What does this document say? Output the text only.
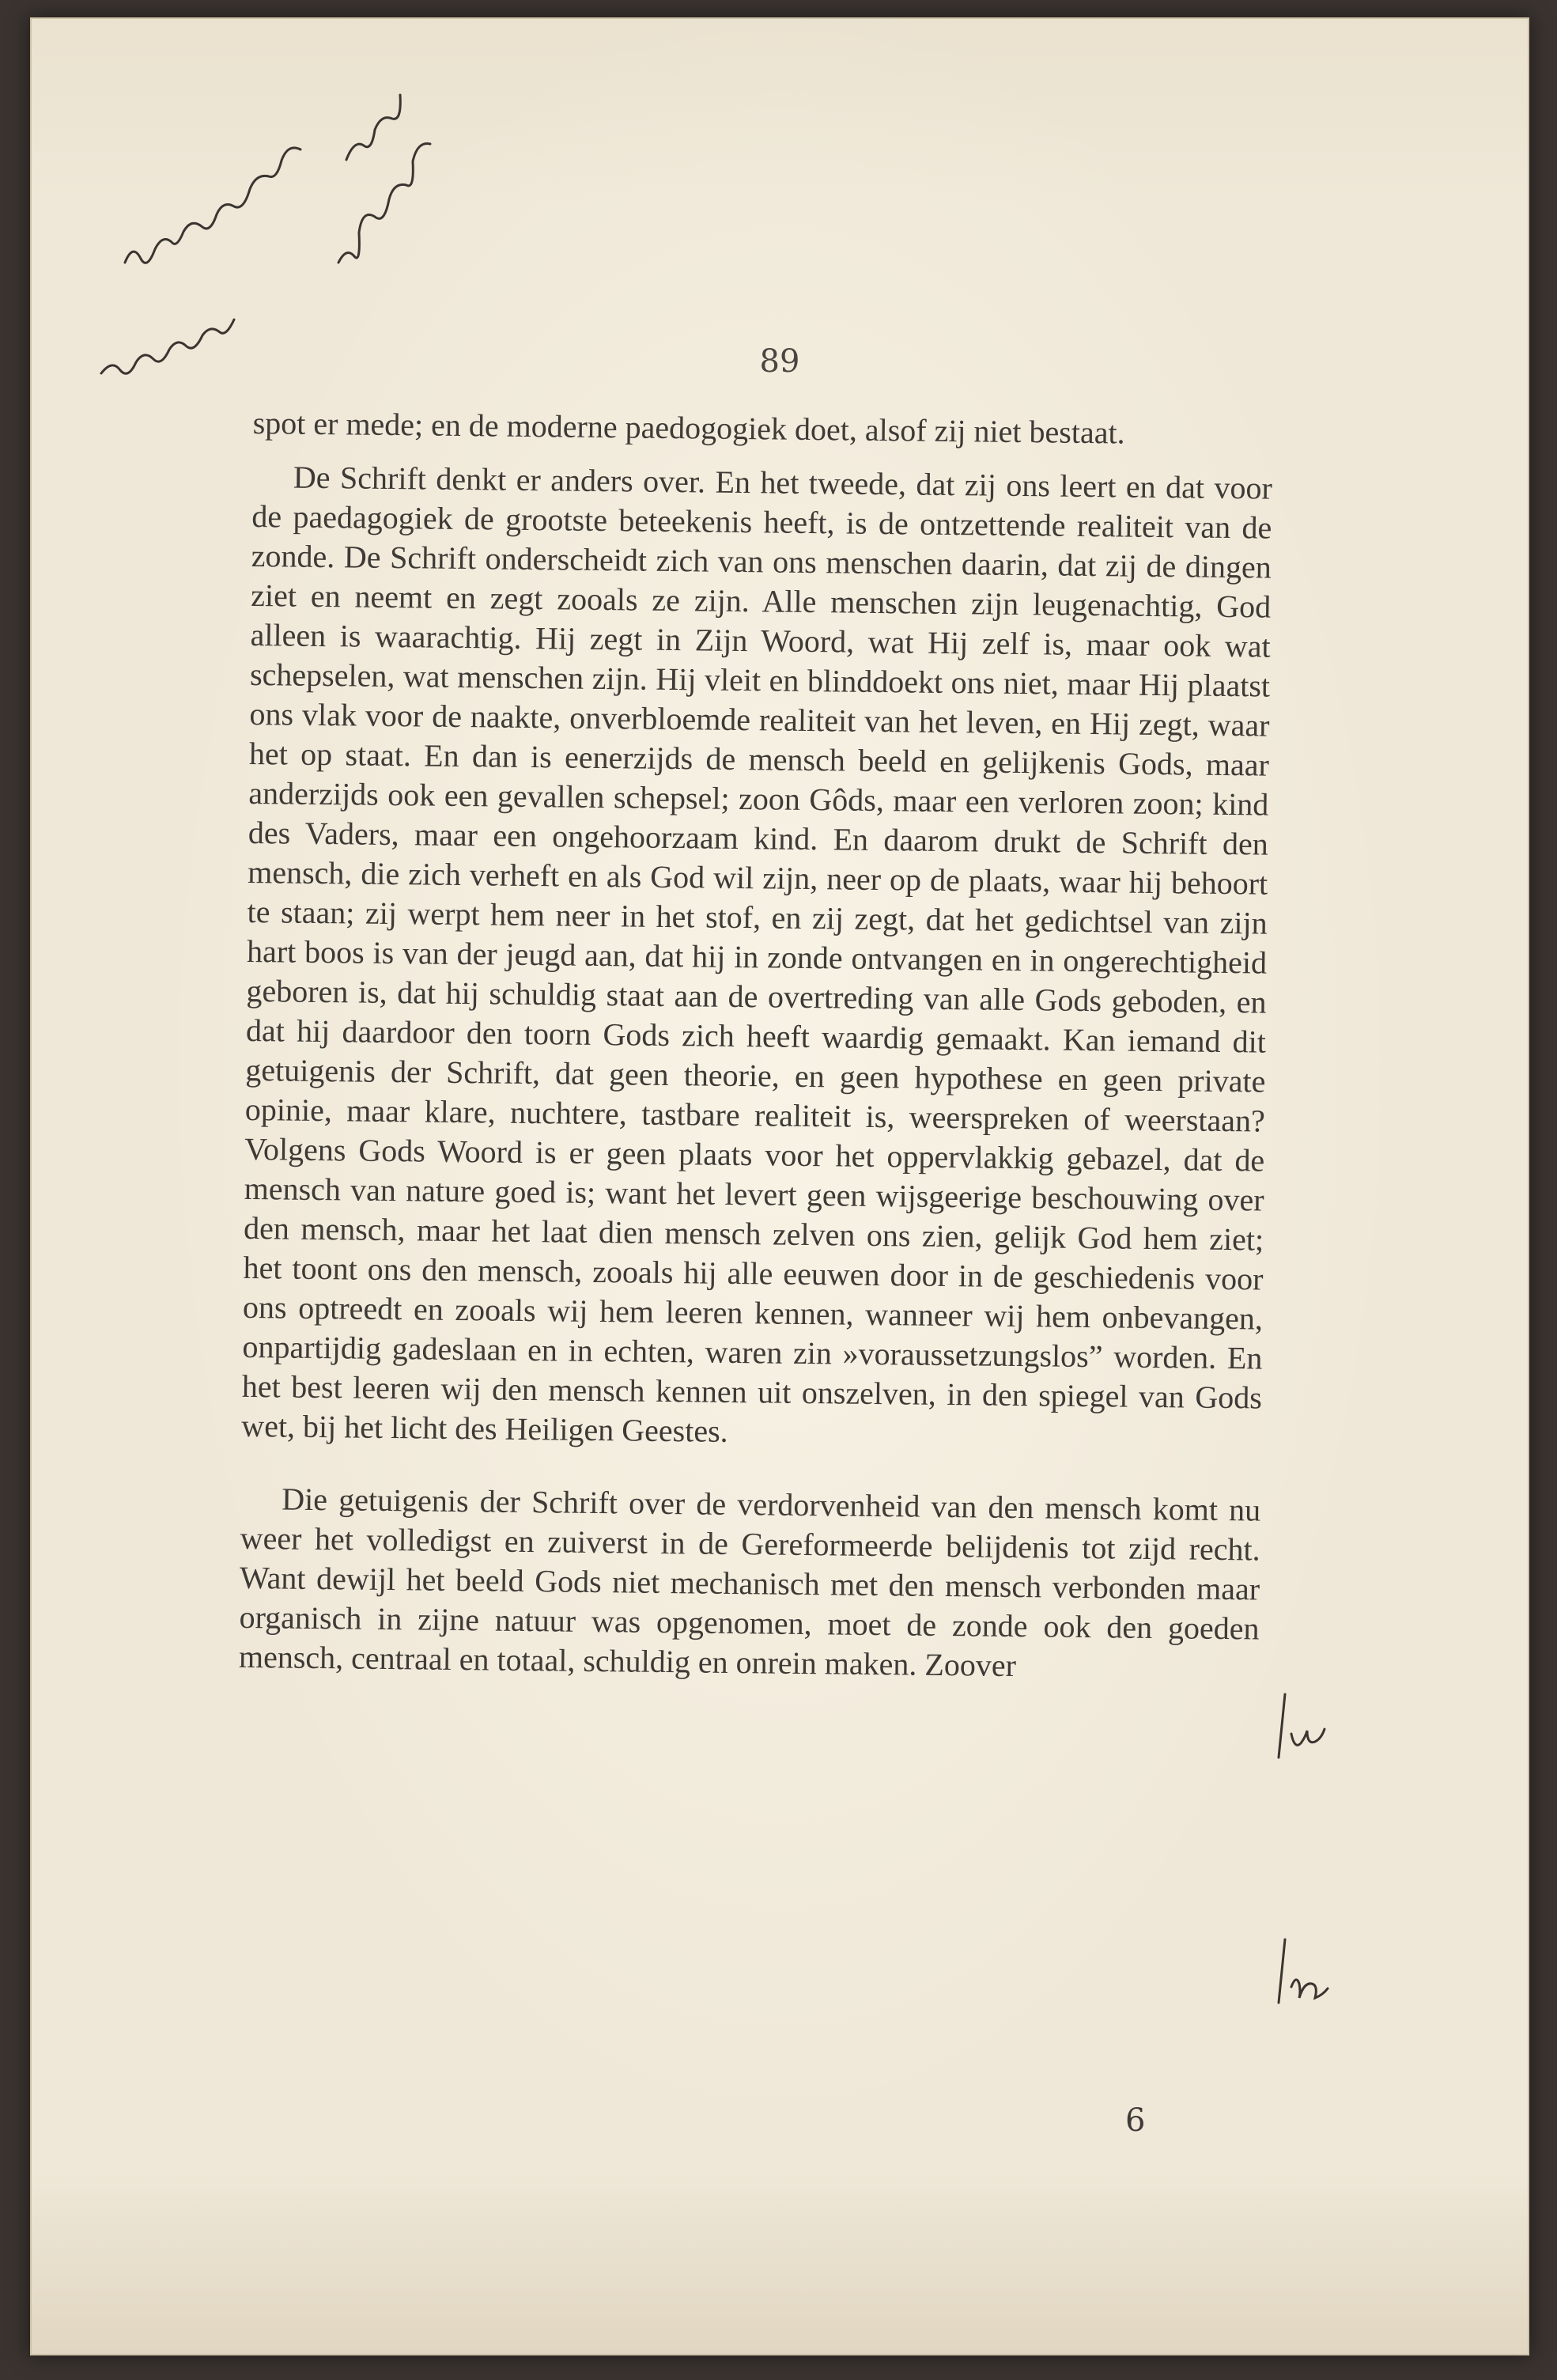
89

spot er mede; en de moderne paedogogiek doet, alsof zij niet bestaat.

De Schrift denkt er anders over. En het tweede, dat zij ons leert en dat voor de paedagogiek de grootste beteekenis heeft, is de ontzettende realiteit van de zonde. De Schrift onderscheidt zich van ons menschen daarin, dat zij de dingen ziet en neemt en zegt zooals ze zijn. Alle menschen zijn leugenachtig, God alleen is waarachtig. Hij zegt in Zijn Woord, wat Hij zelf is, maar ook wat schepselen, wat menschen zijn. Hij vleit en blinddoekt ons niet, maar Hij plaatst ons vlak voor de naakte, onverbloemde realiteit van het leven, en Hij zegt, waar het op staat. En dan is eenerzijds de mensch beeld en gelijkenis Gods, maar anderzijds ook een gevallen schepsel; zoon Gôds, maar een verloren zoon; kind des Vaders, maar een ongehoorzaam kind. En daarom drukt de Schrift den mensch, die zich verheft en als God wil zijn, neer op de plaats, waar hij behoort te staan; zij werpt hem neer in het stof, en zij zegt, dat het gedichtsel van zijn hart boos is van der jeugd aan, dat hij in zonde ontvangen en in ongerechtigheid geboren is, dat hij schuldig staat aan de overtreding van alle Gods geboden, en dat hij daardoor den toorn Gods zich heeft waardig gemaakt. Kan iemand dit getuigenis der Schrift, dat geen theorie, en geen hypothese en geen private opinie, maar klare, nuchtere, tastbare realiteit is, weerspreken of weerstaan? Volgens Gods Woord is er geen plaats voor het oppervlakkig gebazel, dat de mensch van nature goed is; want het levert geen wijsgeerige beschouwing over den mensch, maar het laat dien mensch zelven ons zien, gelijk God hem ziet; het toont ons den mensch, zooals hij alle eeuwen door in de geschiedenis voor ons optreedt en zooals wij hem leeren kennen, wanneer wij hem onbevangen, onpartijdig gadeslaan en in echten, waren zin »voraussetzungslos” worden. En het best leeren wij den mensch kennen uit onszelven, in den spiegel van Gods wet, bij het licht des Heiligen Geestes.

Die getuigenis der Schrift over de verdorvenheid van den mensch komt nu weer het volledigst en zuiverst in de Gereformeerde belijdenis tot zijd recht. Want dewijl het beeld Gods niet mechanisch met den mensch verbonden maar organisch in zijne natuur was opgenomen, moet de zonde ook den goeden mensch, centraal en totaal, schuldig en onrein maken. Zoover

6
